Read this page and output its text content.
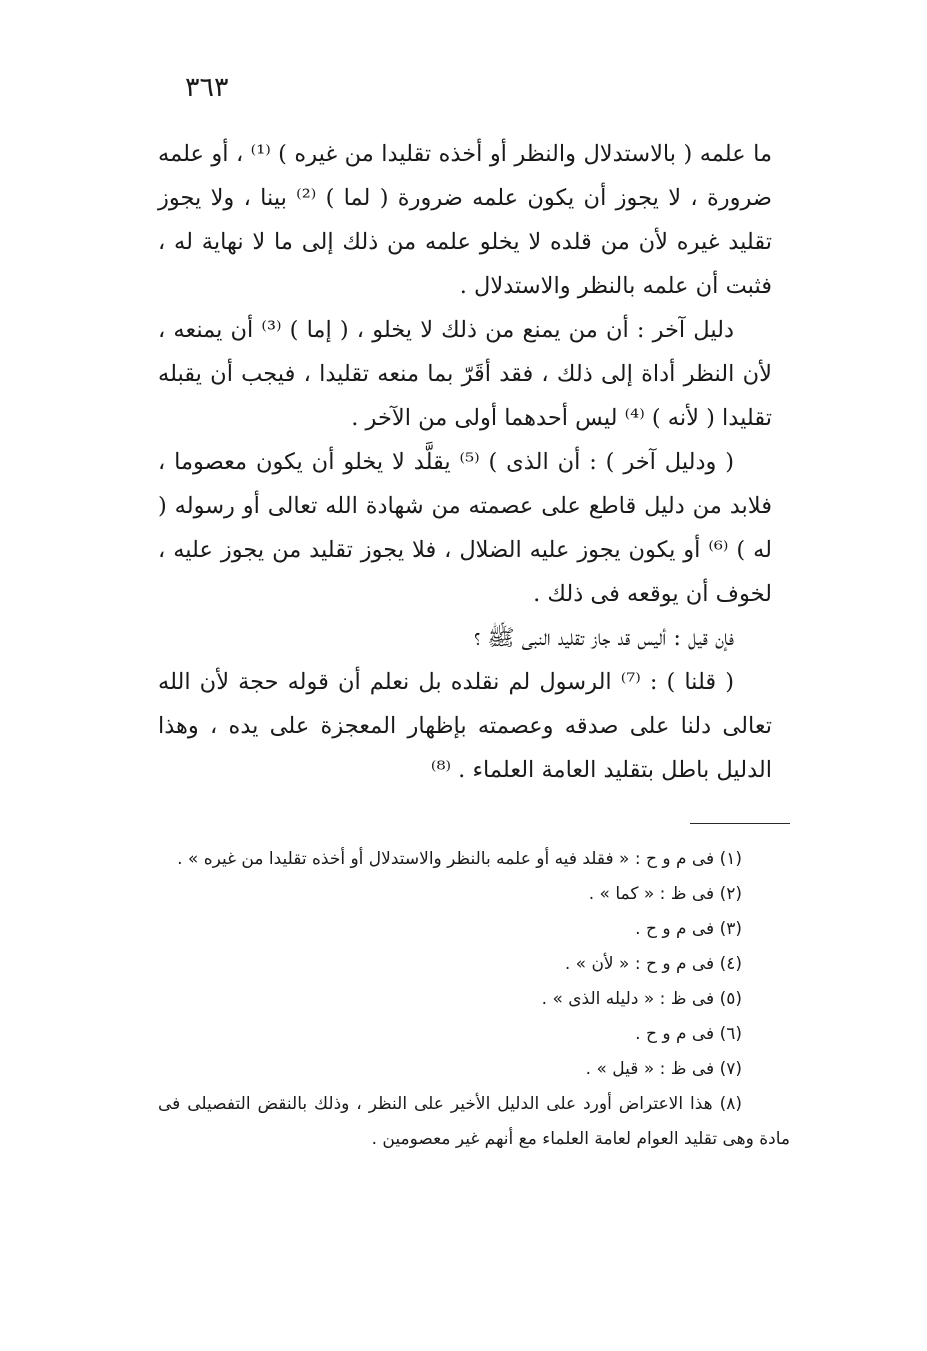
٣٦٣

ما علمه ( بالاستدلال والنظر أو أخذه تقليدا من غيره ) ⁽¹⁾ ، أو علمه ضرورة ، لا يجوز أن يكون علمه ضرورة ( لما ) ⁽²⁾ بينا ، ولا يجوز تقليد غيره لأن من قلده لا يخلو علمه من ذلك إلى ما لا نهاية له ، فثبت أن علمه بالنظر والاستدلال .

دليل آخر : أن من يمنع من ذلك لا يخلو ، ( إما ) ⁽³⁾ أن يمنعه ، لأن النظر أداة إلى ذلك ، فقد أقَرّ بما منعه تقليدا ، فيجب أن يقبله تقليدا ( لأنه ) ⁽⁴⁾ ليس أحدهما أولى من الآخر .

( ودليل آخر ) : أن الذى ) ⁽⁵⁾ يقلَّد لا يخلو أن يكون معصوما ، فلابد من دليل قاطع على عصمته من شهادة الله تعالى أو رسوله ( له ) ⁽⁶⁾ أو يكون يجوز عليه الضلال ، فلا يجوز تقليد من يجوز عليه ، لخوف أن يوقعه فى ذلك .

فإن قيل : أليس قد جاز تقليد النبى ﷺ ؟

( قلنا ) : ⁽⁷⁾ الرسول لم نقلده بل نعلم أن قوله حجة لأن الله تعالى دلنا على صدقه وعصمته بإظهار المعجزة على يده ، وهذا الدليل باطل بتقليد العامة العلماء . ⁽⁸⁾

(١) فى م و ح : « فقلد فيه أو علمه بالنظر والاستدلال أو أخذه تقليدا من غيره » .

(٢) فى ظ : « كما » .

(٣) فى م و ح .

(٤) فى م و ح : « لأن » .

(٥) فى ظ : « دليله الذى » .

(٦) فى م و ح .

(٧) فى ظ : « قيل » .

(٨) هذا الاعتراض أورد على الدليل الأخير على النظر ، وذلك بالنقض التفصيلى فى مادة وهى تقليد العوام لعامة العلماء مع أنهم غير معصومين .
